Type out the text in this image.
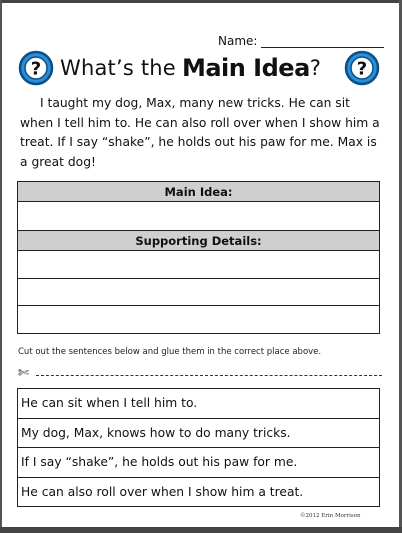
Name:
? What’s the Main Idea ? ?

I taught my dog, Max, many new tricks. He can sit when I tell him to. He can also roll over when I show him a treat. If I say “shake”, he holds out his paw for me. Max is a great dog!

Main Idea:

Supporting Details:

Cut out the sentences below and glue them in the correct place above.
✄
He can sit when I tell him to.
My dog, Max, knows how to do many tricks.
If I say “shake”, he holds out his paw for me.
He can also roll over when I show him a treat.
©2012 Erin Morrison
